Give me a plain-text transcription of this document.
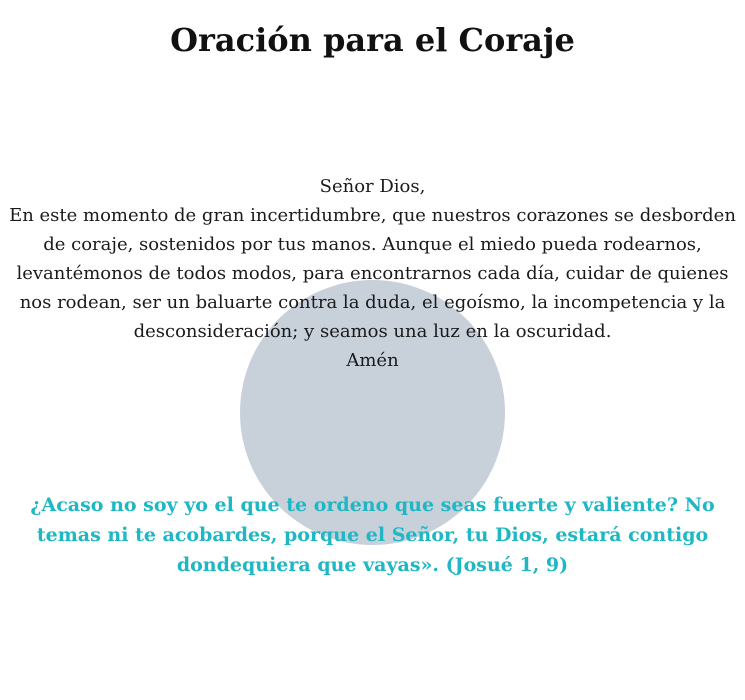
Oración para el Coraje

Señor Dios,

En este momento de gran incertidumbre, que nuestros corazones se desborden de coraje, sostenidos por tus manos. Aunque el miedo pueda rodearnos, levantémonos de todos modos, para encontrarnos cada día, cuidar de quienes nos rodean, ser un baluarte contra la duda, el egoísmo, la incompetencia y la desconsideración; y seamos una luz en la oscuridad.

Amén

¿Acaso no soy yo el que te ordeno que seas fuerte y valiente? No temas ni te acobardes, porque el Señor, tu Dios, estará contigo dondequiera que vayas». (Josué 1, 9)
